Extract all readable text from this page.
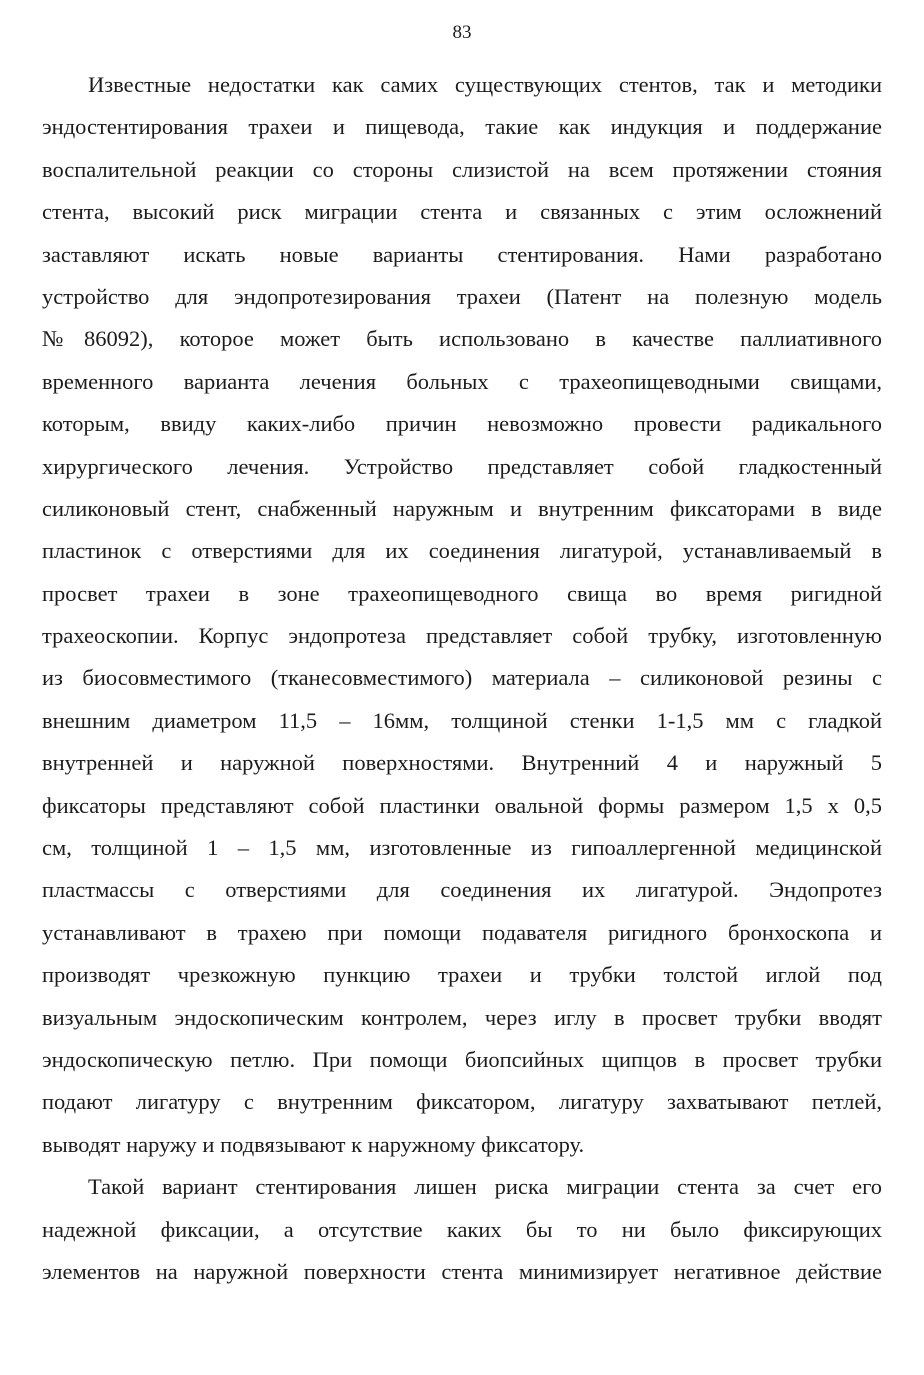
83
Известные недостатки как самих существующих стентов, так и методики
эндостентирования трахеи и пищевода, такие как индукция и поддержание
воспалительной реакции со стороны слизистой на всем протяжении стояния
стента, высокий риск миграции стента и связанных с этим осложнений
заставляют искать новые варианты стентирования. Нами разработано
устройство для эндопротезирования трахеи (Патент на полезную модель
№86092), которое может быть использовано в качестве паллиативного
временного варианта лечения больных с трахеопищеводными свищами,
которым, ввиду каких-либо причин невозможно провести радикального
хирургического лечения. Устройство представляет собой гладкостенный
силиконовый стент, снабженный наружным и внутренним фиксаторами в виде
пластинок с отверстиями для их соединения лигатурой, устанавливаемый в
просвет трахеи в зоне трахеопищеводного свища во время ригидной
трахеоскопии. Корпус эндопротеза представляет собой трубку, изготовленную
из биосовместимого (тканесовместимого) материала – силиконовой резины с
внешним диаметром 11,5 – 16мм, толщиной стенки 1-1,5 мм с гладкой
внутренней и наружной поверхностями. Внутренний 4 и наружный 5
фиксаторы представляют собой пластинки овальной формы размером 1,5 х 0,5
см, толщиной 1 – 1,5 мм, изготовленные из гипоаллергенной медицинской
пластмассы с отверстиями для соединения их лигатурой. Эндопротез
устанавливают в трахею при помощи подавателя ригидного бронхоскопа и
производят чрезкожную пункцию трахеи и трубки толстой иглой под
визуальным эндоскопическим контролем, через иглу в просвет трубки вводят
эндоскопическую петлю. При помощи биопсийных щипцов в просвет трубки
подают лигатуру с внутренним фиксатором, лигатуру захватывают петлей,
выводят наружу и подвязывают к наружному фиксатору.
Такой вариант стентирования лишен риска миграции стента за счет его
надежной фиксации, а отсутствие каких бы то ни было фиксирующих
элементов на наружной поверхности стента минимизирует негативное действие
